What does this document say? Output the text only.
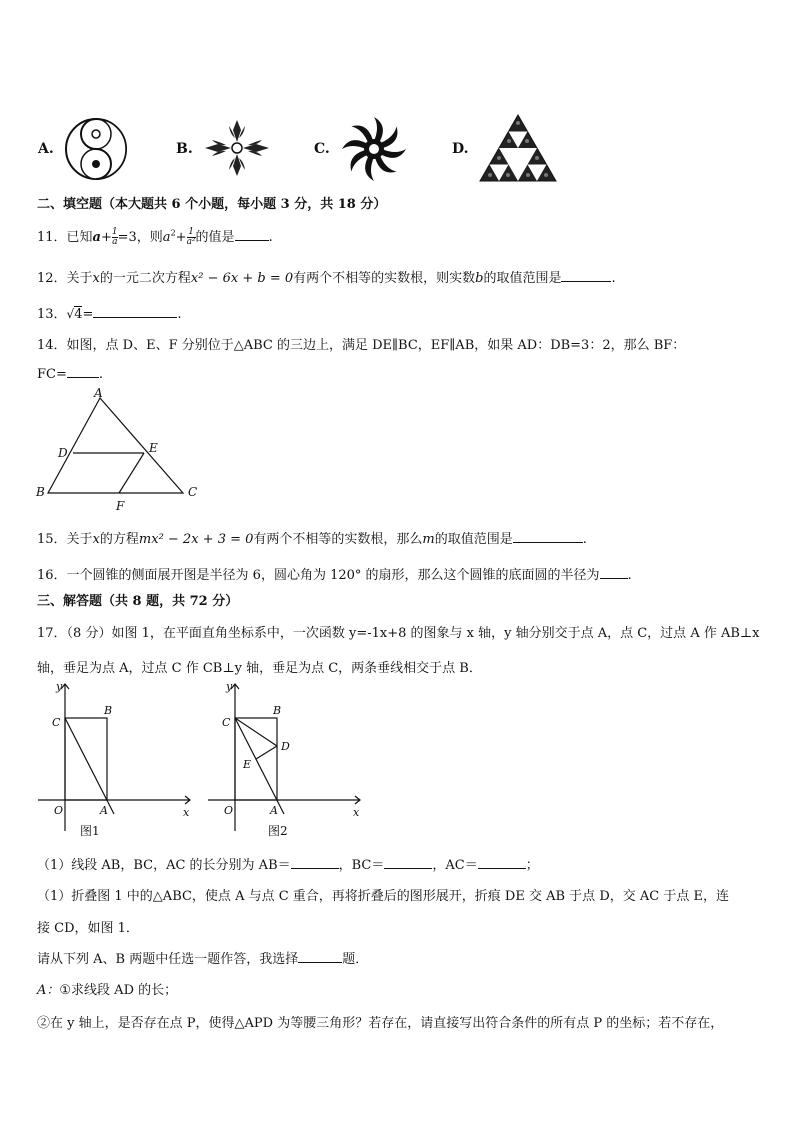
A.	B.	C.	D.
二、填空题（本大题共 6 个小题，每小题 3 分，共 18 分）
11．已知$a+ \frac{1}{a} =3$，则$a^2+ \frac{1}{\text{a²}}$ 的值是	.
12．关于x的一元二次方程x² − 6x + b = 0有两个不相等的实数根，则实数b的取值范围是	.
13．√4=	.
14．如图，点 D、E、F 分别位于△ABC 的三边上，满足 DE∥BC，EF∥AB，如果 AD：DB=3：2，那么 BF：
FC= .
A
B	C
D	E
F
15．关于x的方程mx² − 2x + 3 = 0有两个不相等的实数根，那么m的取值范围是	.
16．一个圆锥的侧面展开图是半径为 6，圆心角为 120° 的扇形，那么这个圆锥的底面圆的半径为 .
三、解答题（共 8 题，共 72 分）
17．（8 分）如图 1，在平面直角坐标系中，一次函数 y=-1x+8 的图象与 x 轴，y 轴分别交于点 A，点 C，过点 A 作 AB⊥x
轴，垂足为点 A，过点 C 作 CB⊥y 轴，垂足为点 C，两条垂线相交于点 B．
y
x
C
B
O	A
图1
y
x
C
B
D
E
O	A
图2
（1）线段 AB，BC，AC 的长分别为 AB＝	，BC＝	，AC＝	；
（1）折叠图 1 中的△ABC，使点 A 与点 C 重合，再将折叠后的图形展开，折痕 DE 交 AB 于点 D，交 AC 于点 E，连
接 CD，如图 1．
请从下列 A、B 两题中任选一题作答，我选择	题．
A：①求线段 AD 的长；
②在 y 轴上，是否存在点 P，使得△APD 为等腰三角形？若存在，请直接写出符合条件的所有点 P 的坐标；若不存在，
